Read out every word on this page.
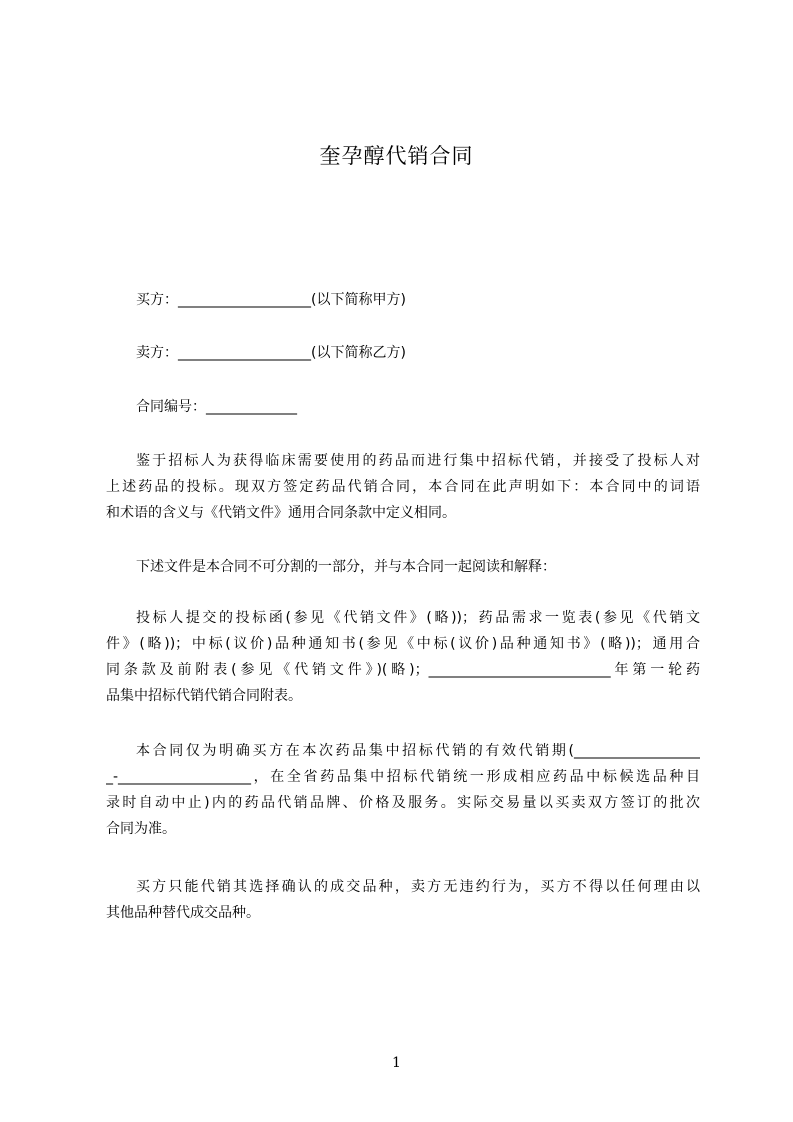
奎孕醇代销合同
买方：___________________(以下简称甲方)
卖方：___________________(以下简称乙方)
合同编号：_____________
鉴于招标人为获得临床需要使用的药品而进行集中招标代销，并接受了投标人对
上述药品的投标。现双方签定药品代销合同，本合同在此声明如下：本合同中的词语
和术语的含义与《代销文件》通用合同条款中定义相同。
下述文件是本合同不可分割的一部分，并与本合同一起阅读和解释：
投标人提交的投标函(参见《代销文件》(略))；药品需求一览表(参见《代销文
件》(略))；中标(议价)品种通知书(参见《中标(议价)品种通知书》(略))；通用合
同条款及前附表(参见《代销文件》)(略)；__________________________年第一轮药
品集中招标代销代销合同附表。
本合同仅为明确买方在本次药品集中招标代销的有效代销期(__________________
_-___________________，在全省药品集中招标代销统一形成相应药品中标候选品种目
录时自动中止)内的药品代销品牌、价格及服务。实际交易量以买卖双方签订的批次
合同为准。
买方只能代销其选择确认的成交品种，卖方无违约行为，买方不得以任何理由以
其他品种替代成交品种。
1
